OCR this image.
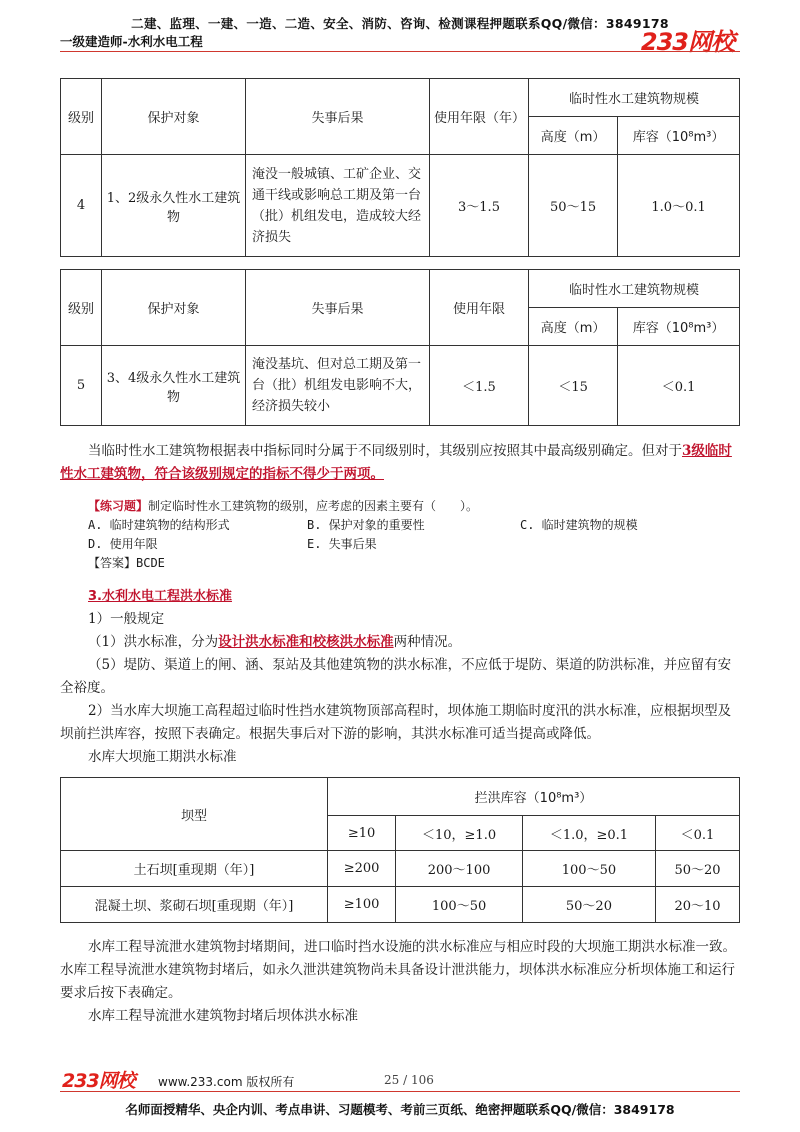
二建、监理、一建、一造、二造、安全、消防、咨询、检测课程押题联系QQ/微信：3849178
一级建造师-水利水电工程	233网校
级别	保护对象	失事后果	使用年限（年）	临时性水工建筑物规模	
				高度（m）	库容（10⁸m³）
4	1、2级永久性水工建筑物	淹没一般城镇、工矿企业、交通干线或影响总工期及第一台（批）机组发电，造成较大经济损失	3～1.5	50～15	1.0～0.1
级别	保护对象	失事后果	使用年限	临时性水工建筑物规模	
				高度（m）	库容（10⁸m³）
5	3、4级永久性水工建筑物	淹没基坑、但对总工期及第一台（批）机组发电影响不大，经济损失较小	＜1.5	＜15	＜0.1
当临时性水工建筑物根据表中指标同时分属于不同级别时，其级别应按照其中最高级别确定。但对于3级临时性水工建筑物，符合该级别规定的指标不得少于两项。
【练习题】制定临时性水工建筑物的级别，应考虑的因素主要有（　　）。
A. 临时建筑物的结构形式	B. 保护对象的重要性	C. 临时建筑物的规模
D. 使用年限	E. 失事后果
【答案】BCDE
3.水利水电工程洪水标准
1）一般规定
（1）洪水标准，分为设计洪水标准和校核洪水标准两种情况。
（5）堤防、渠道上的闸、涵、泵站及其他建筑物的洪水标准，不应低于堤防、渠道的防洪标准，并应留有安全裕度。
2）当水库大坝施工高程超过临时性挡水建筑物顶部高程时，坝体施工期临时度汛的洪水标准，应根据坝型及坝前拦洪库容，按照下表确定。根据失事后对下游的影响，其洪水标准可适当提高或降低。
水库大坝施工期洪水标准
坝型	拦洪库容（10⁸m³）			
	≥10	＜10，≥1.0	＜1.0，≥0.1	＜0.1
土石坝[重现期（年）]	≥200	200～100	100～50	50～20
混凝土坝、浆砌石坝[重现期（年）]	≥100	100～50	50～20	20～10
水库工程导流泄水建筑物封堵期间，进口临时挡水设施的洪水标准应与相应时段的大坝施工期洪水标准一致。水库工程导流泄水建筑物封堵后，如永久泄洪建筑物尚未具备设计泄洪能力，坝体洪水标准应分析坝体施工和运行要求后按下表确定。
水库工程导流泄水建筑物封堵后坝体洪水标准
233网校 www.233.com 版权所有	25 / 106
名师面授精华、央企内训、考点串讲、习题模考、考前三页纸、绝密押题联系QQ/微信：3849178
